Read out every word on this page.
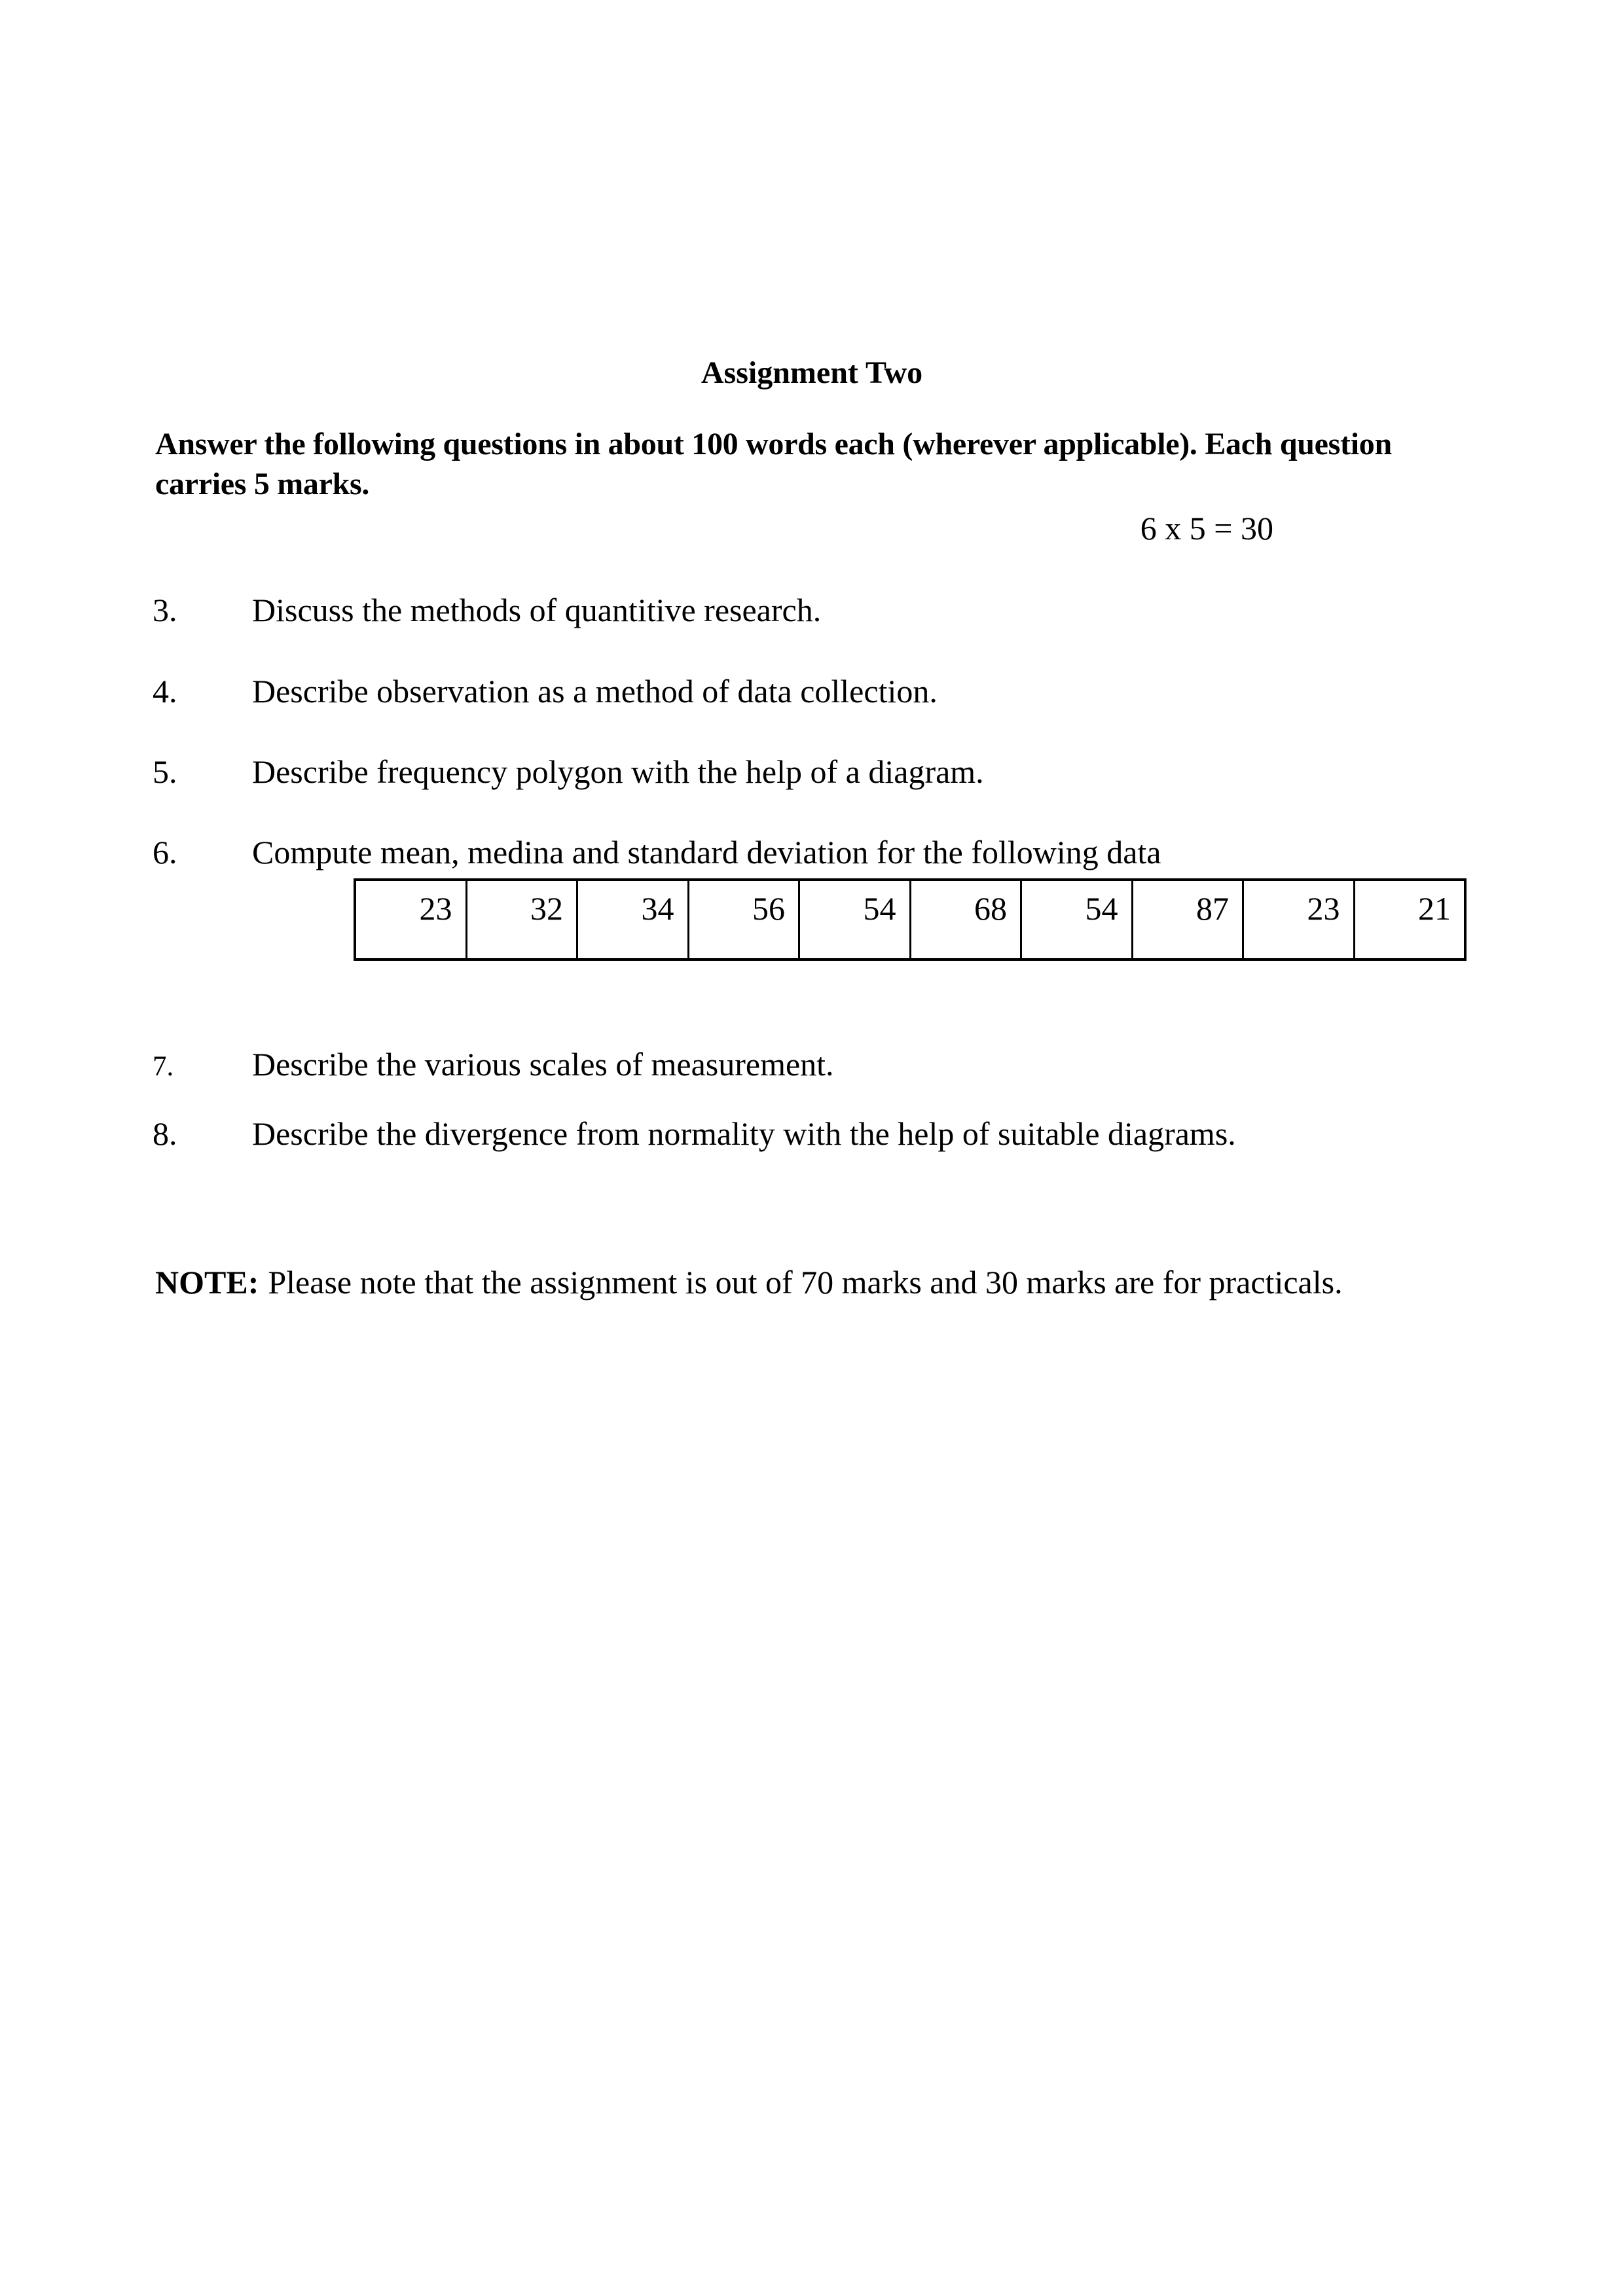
Assignment Two
Answer the following questions in about 100 words each (wherever applicable). Each question
carries 5 marks.
6 x 5 = 30
3. Discuss the methods of quantitive research.
4. Describe observation as a method of data collection.
5. Describe frequency polygon with the help of a diagram.
6. Compute mean, medina and standard deviation for the following data
23	32	34	56	54	68	54	87	23	21
7. Describe the various scales of measurement.
8. Describe the divergence from normality with the help of suitable diagrams.
NOTE: Please note that the assignment is out of 70 marks and 30 marks are for practicals.
